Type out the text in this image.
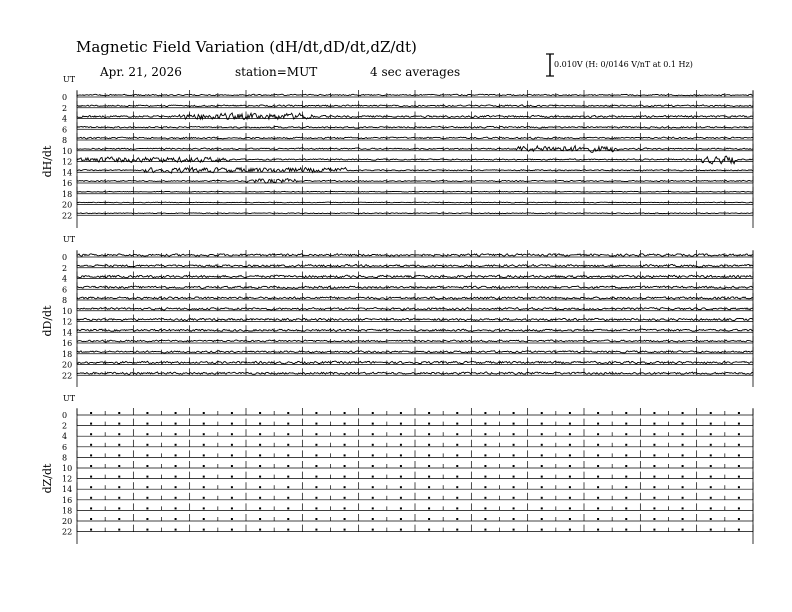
Magnetic Field Variation (dH/dt,dD/dt,dZ/dt)
Apr. 21, 2026	station=MUT	4 sec averages
0.010V (H: 0/0146 V/nT at 0.1 Hz)
UT
dH/dt
0
2
4
6
8
10
12
14
16
18
20
22
UT
dD/dt
0
2
4
6
8
10
12
14
16
18
20
22
UT
dZ/dt
0
2
4
6
8
10
12
14
16
18
20
22
